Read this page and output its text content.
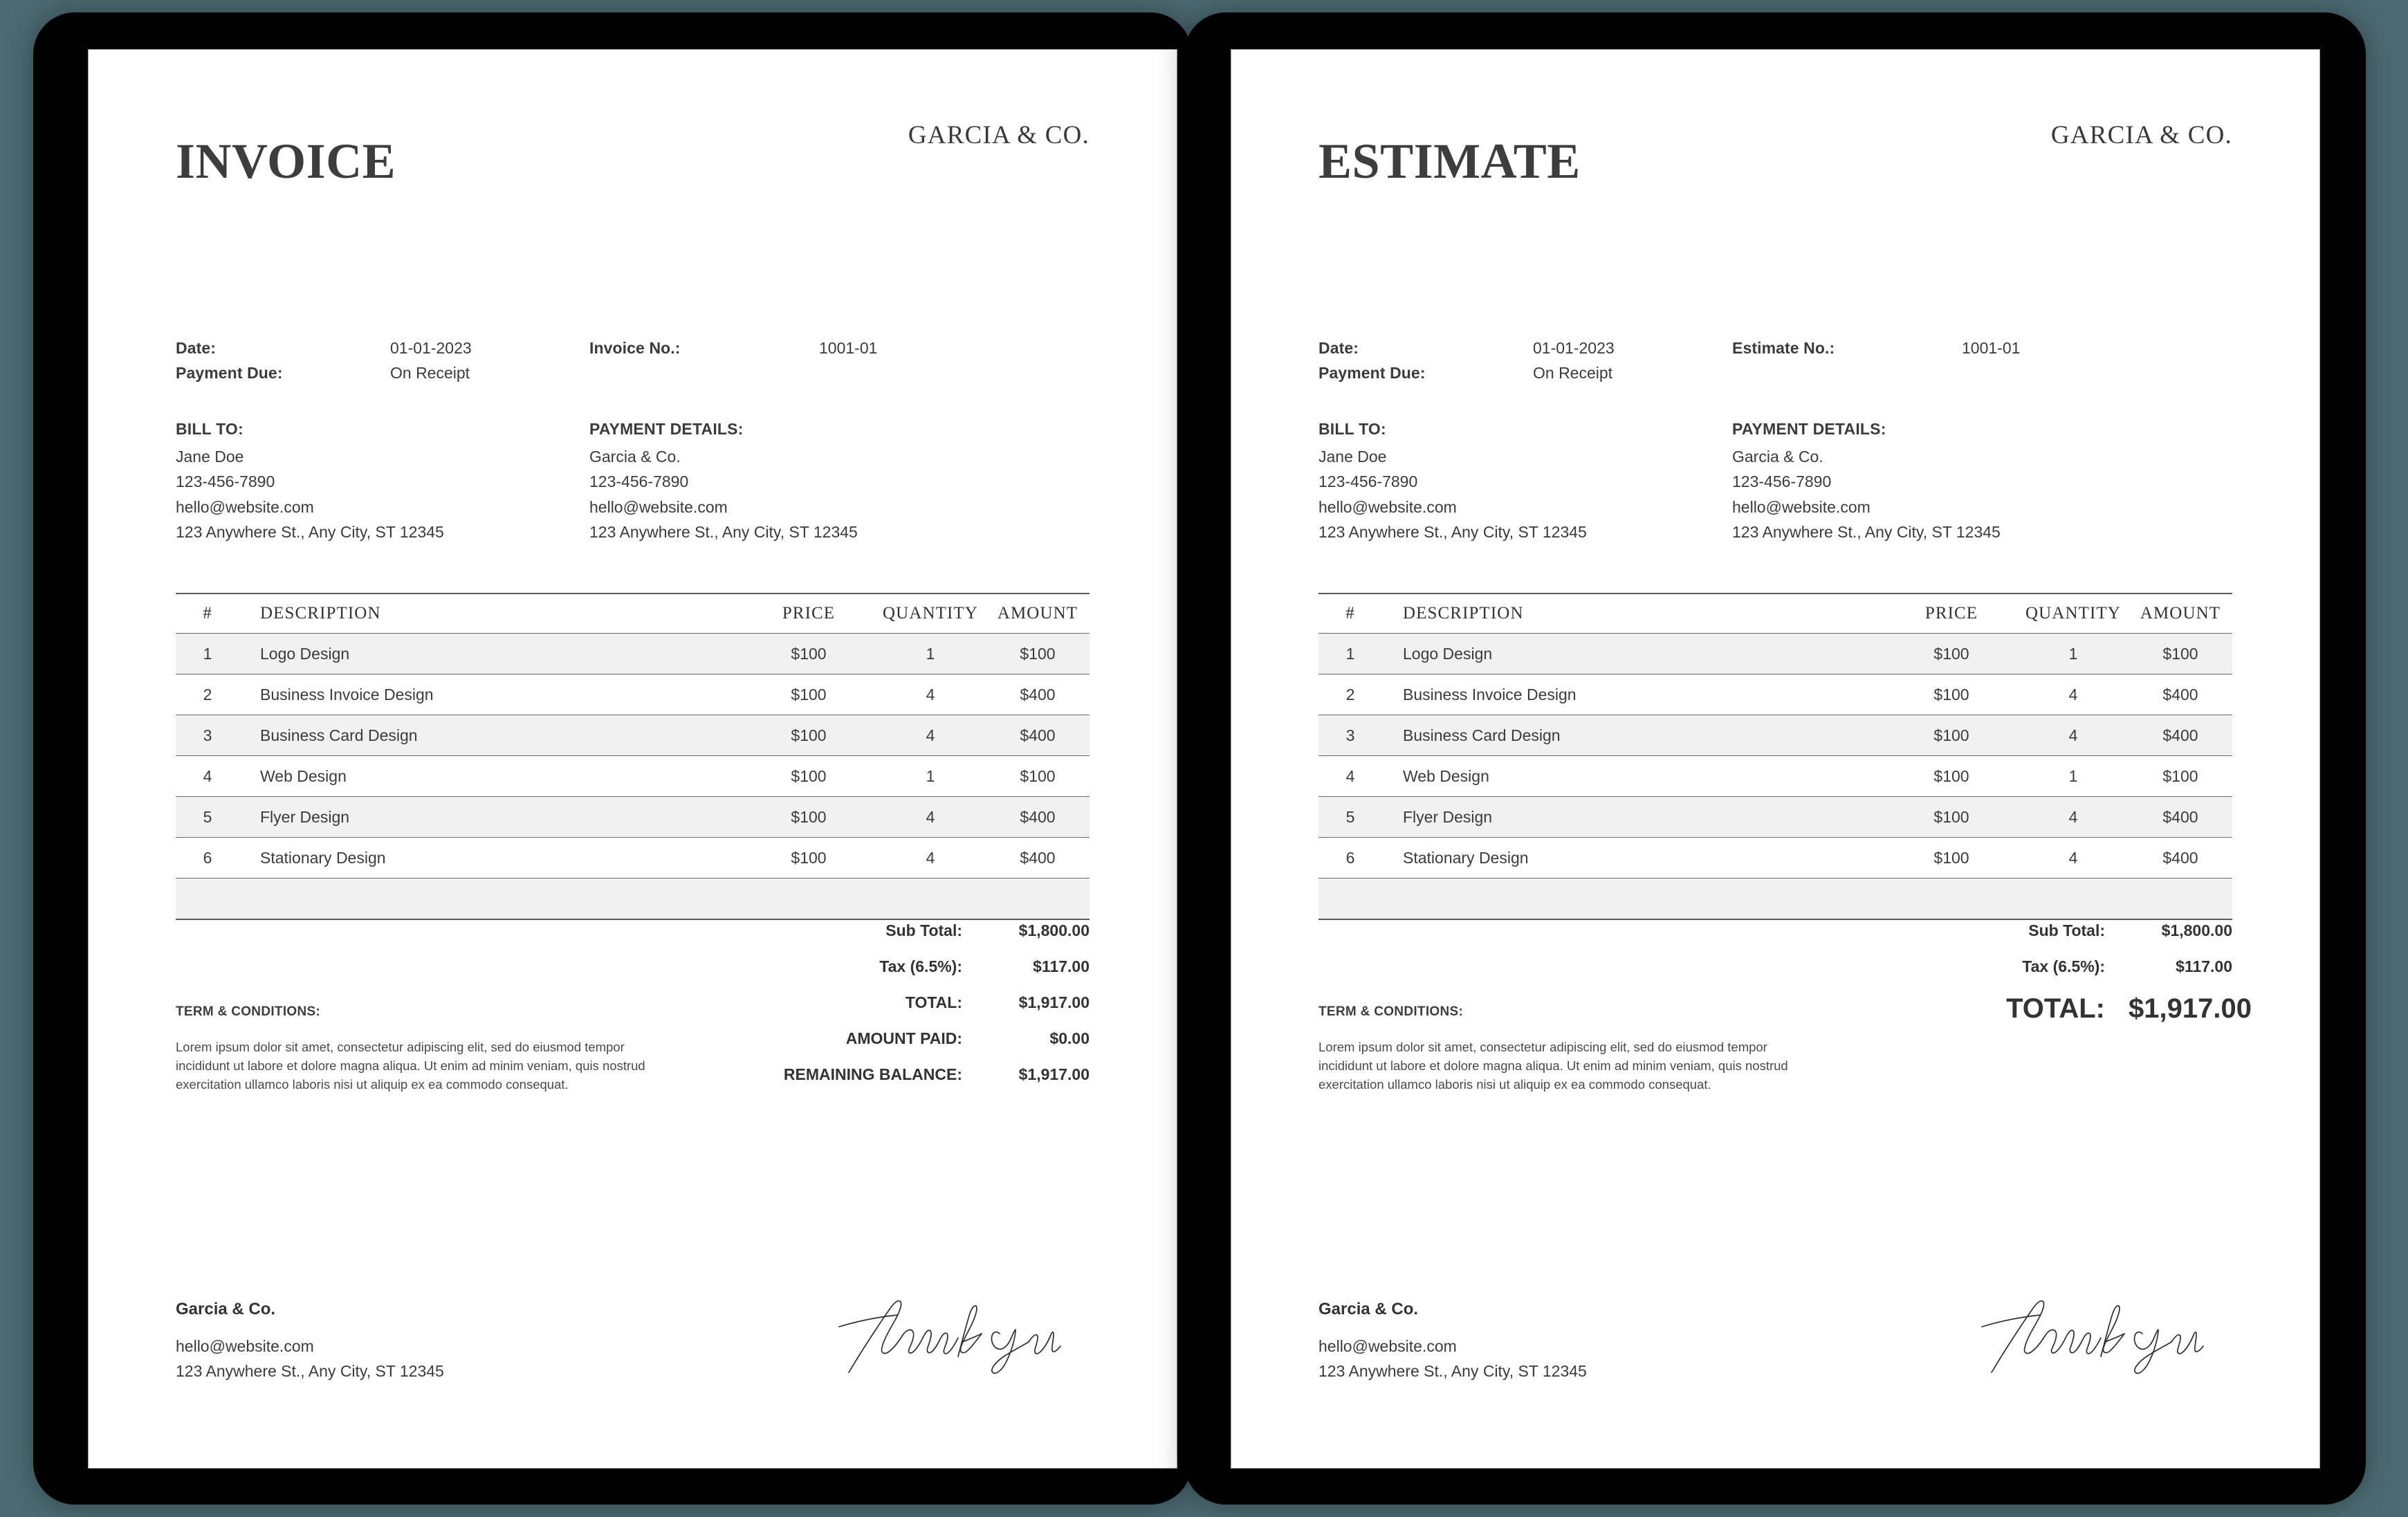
GARCIA & CO.
INVOICE
Date:	01-01-2023	Invoice No.:	1001-01
Payment Due:	On Receipt
BILL TO:
Jane Doe
123-456-7890
hello@website.com
123 Anywhere St., Any City, ST 12345
PAYMENT DETAILS:
Garcia & Co.
123-456-7890
hello@website.com
123 Anywhere St., Any City, ST 12345
#	DESCRIPTION	PRICE	QUANTITY	AMOUNT
1	Logo Design	$100	1	$100
2	Business Invoice Design	$100	4	$400
3	Business Card Design	$100	4	$400
4	Web Design	$100	1	$100
5	Flyer Design	$100	4	$400
6	Stationary Design	$100	4	$400
Sub Total:	$1,800.00
Tax (6.5%):	$117.00
TOTAL:	$1,917.00
AMOUNT PAID:	$0.00
REMAINING BALANCE:	$1,917.00
TERM & CONDITIONS:
Lorem ipsum dolor sit amet, consectetur adipiscing elit, sed do eiusmod tempor incididunt ut labore et dolore magna aliqua. Ut enim ad minim veniam, quis nostrud exercitation ullamco laboris nisi ut aliquip ex ea commodo consequat.
Garcia & Co.
hello@website.com
123 Anywhere St., Any City, ST 12345
GARCIA & CO.
ESTIMATE
Date:	01-01-2023	Estimate No.:	1001-01
Payment Due:	On Receipt
BILL TO:
Jane Doe
123-456-7890
hello@website.com
123 Anywhere St., Any City, ST 12345
PAYMENT DETAILS:
Garcia & Co.
123-456-7890
hello@website.com
123 Anywhere St., Any City, ST 12345
#	DESCRIPTION	PRICE	QUANTITY	AMOUNT
1	Logo Design	$100	1	$100
2	Business Invoice Design	$100	4	$400
3	Business Card Design	$100	4	$400
4	Web Design	$100	1	$100
5	Flyer Design	$100	4	$400
6	Stationary Design	$100	4	$400
Sub Total:	$1,800.00
Tax (6.5%):	$117.00
TOTAL: $1,917.00
TERM & CONDITIONS:
Lorem ipsum dolor sit amet, consectetur adipiscing elit, sed do eiusmod tempor incididunt ut labore et dolore magna aliqua. Ut enim ad minim veniam, quis nostrud exercitation ullamco laboris nisi ut aliquip ex ea commodo consequat.
Garcia & Co.
hello@website.com
123 Anywhere St., Any City, ST 12345
